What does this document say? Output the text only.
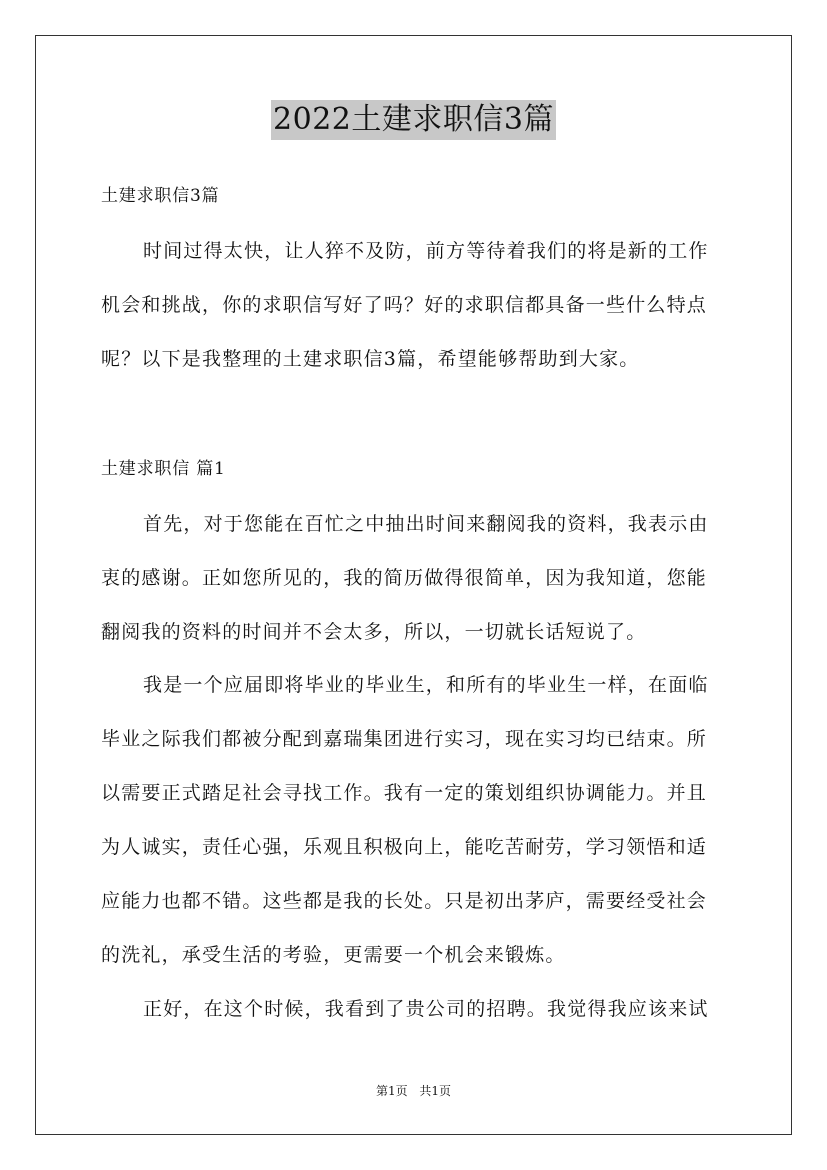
2022土建求职信3篇
土建求职信3篇
时间过得太快，让人猝不及防，前方等待着我们的将是新的工作
机会和挑战，你的求职信写好了吗？好的求职信都具备一些什么特点
呢？以下是我整理的土建求职信3篇，希望能够帮助到大家。
土建求职信 篇1
首先，对于您能在百忙之中抽出时间来翻阅我的资料，我表示由
衷的感谢。正如您所见的，我的简历做得很简单，因为我知道，您能
翻阅我的资料的时间并不会太多，所以，一切就长话短说了。
我是一个应届即将毕业的毕业生，和所有的毕业生一样，在面临
毕业之际我们都被分配到嘉瑞集团进行实习，现在实习均已结束。所
以需要正式踏足社会寻找工作。我有一定的策划组织协调能力。并且
为人诚实，责任心强，乐观且积极向上，能吃苦耐劳，学习领悟和适
应能力也都不错。这些都是我的长处。只是初出茅庐，需要经受社会
的洗礼，承受生活的考验，更需要一个机会来锻炼。
正好，在这个时候，我看到了贵公司的招聘。我觉得我应该来试
第1页 共1页
